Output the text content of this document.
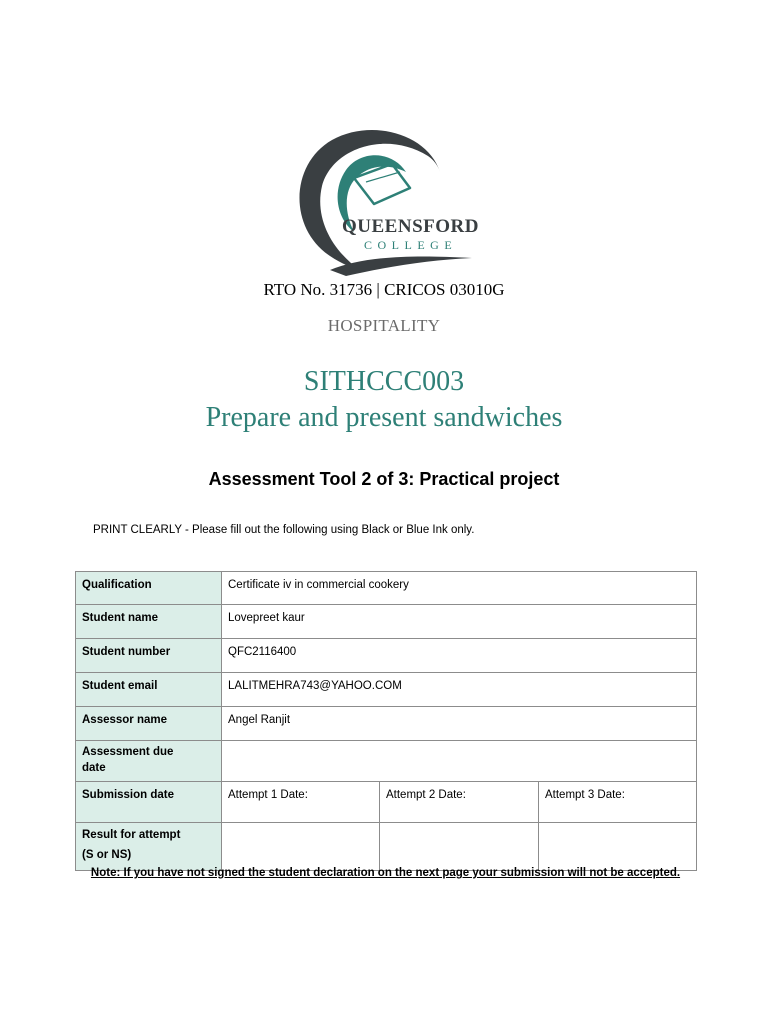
QUEENSFORD
COLLEGE
RTO No. 31736 | CRICOS 03010G
HOSPITALITY
SITHCCC003
Prepare and present sandwiches
Assessment Tool 2 of 3: Practical project
PRINT CLEARLY - Please fill out the following using Black or Blue Ink only.
Qualification	Certificate iv in commercial cookery		
Student name	Lovepreet kaur		
Student number	QFC2116400		
Student email	LALITMEHRA743@YAHOO.COM		
Assessor name	Angel Ranjit		
Assessment due
date			
Submission date	Attempt 1 Date:	Attempt 2 Date:	Attempt 3 Date:
Result for attempt
(S or NS)			
Note: If you have not signed the student declaration on the next page your submission will not be accepted.
